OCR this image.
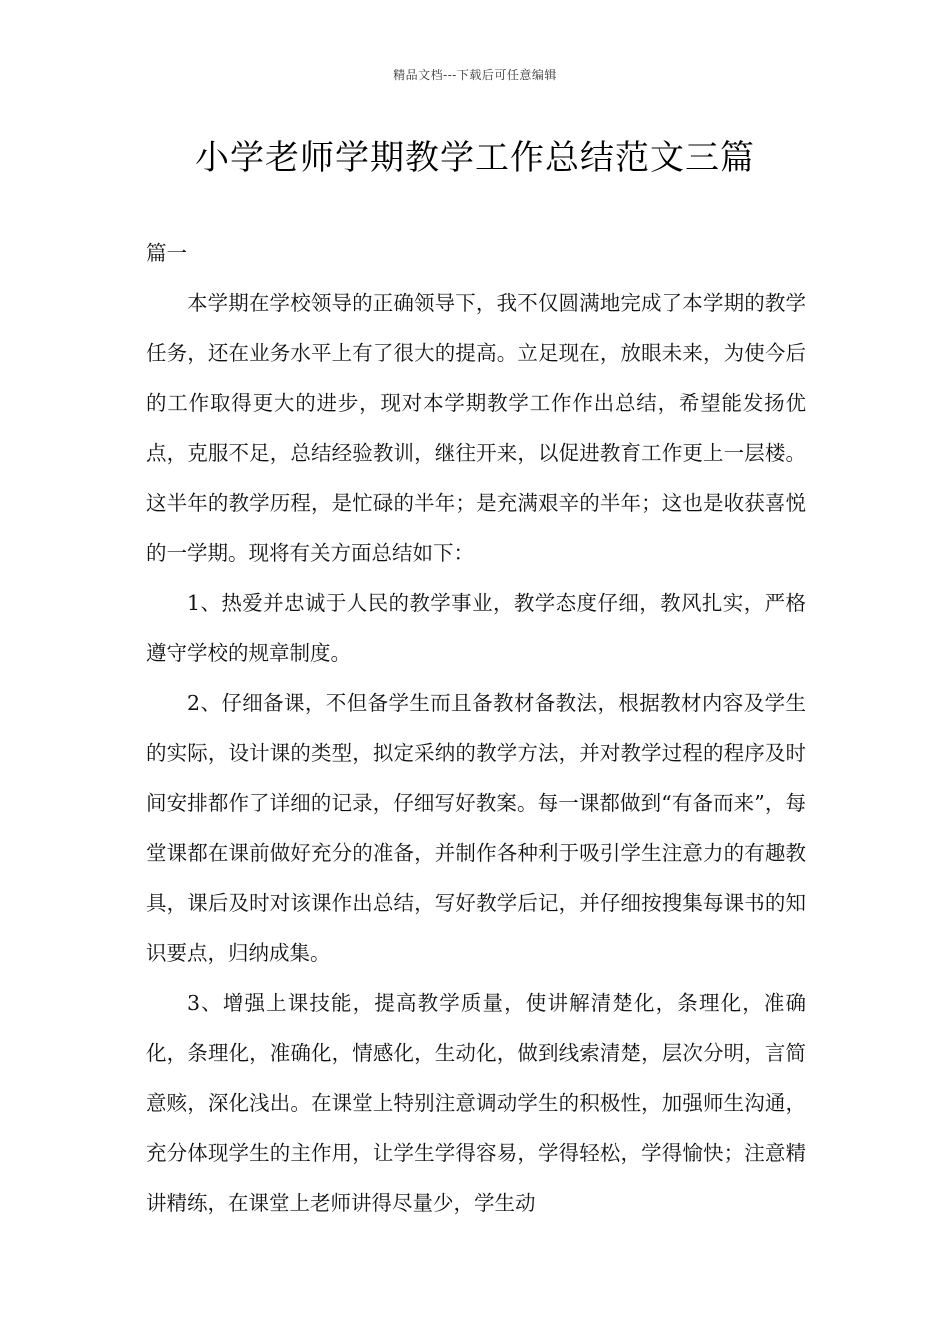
精品文档---下载后可任意编辑
小学老师学期教学工作总结范文三篇

篇一

本学期在学校领导的正确领导下，我不仅圆满地完成了本学期的教学任务，还在业务水平上有了很大的提高。立足现在，放眼未来，为使今后的工作取得更大的进步，现对本学期教学工作作出总结，希望能发扬优点，克服不足，总结经验教训，继往开来，以促进教育工作更上一层楼。这半年的教学历程，是忙碌的半年；是充满艰辛的半年；这也是收获喜悦的一学期。现将有关方面总结如下：

1、热爱并忠诚于人民的教学事业，教学态度仔细，教风扎实，严格遵守学校的规章制度。

2、仔细备课，不但备学生而且备教材备教法，根据教材内容及学生的实际，设计课的类型，拟定采纳的教学方法，并对教学过程的程序及时间安排都作了详细的记录，仔细写好教案。每一课都做到“有备而来”，每堂课都在课前做好充分的准备，并制作各种利于吸引学生注意力的有趣教具，课后及时对该课作出总结，写好教学后记，并仔细按搜集每课书的知识要点，归纳成集。

3、增强上课技能，提高教学质量，使讲解清楚化，条理化，准确化，条理化，准确化，情感化，生动化，做到线索清楚，层次分明，言简意赅，深化浅出。在课堂上特别注意调动学生的积极性，加强师生沟通，充分体现学生的主作用，让学生学得容易，学得轻松，学得愉快；注意精讲精练，在课堂上老师讲得尽量少，学生动
